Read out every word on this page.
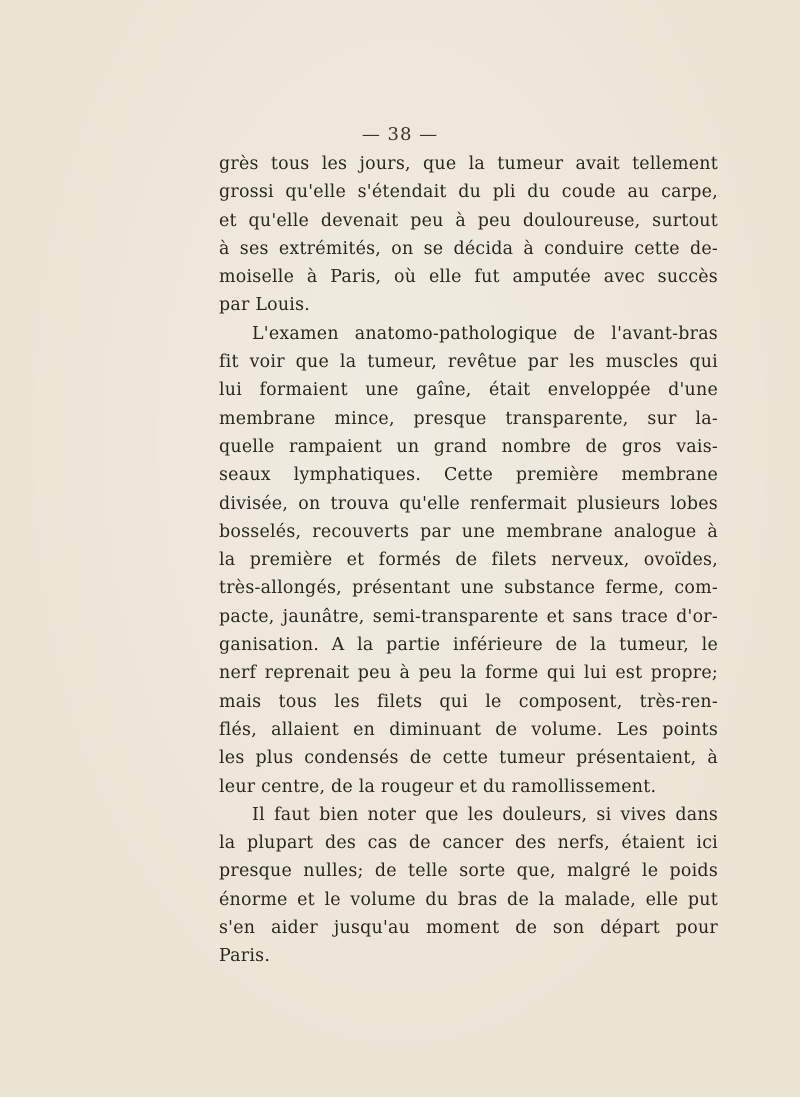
— 38 —
grès tous les jours, que la tumeur avait tellement
grossi qu'elle s'étendait du pli du coude au carpe,
et qu'elle devenait peu à peu douloureuse, surtout
à ses extrémités, on se décida à conduire cette de-
moiselle à Paris, où elle fut amputée avec succès
par Louis.
L'examen anatomo-pathologique de l'avant-bras
fit voir que la tumeur, revêtue par les muscles qui
lui formaient une gaîne, était enveloppée d'une
membrane mince, presque transparente, sur la-
quelle rampaient un grand nombre de gros vais-
seaux lymphatiques. Cette première membrane
divisée, on trouva qu'elle renfermait plusieurs lobes
bosselés, recouverts par une membrane analogue à
la première et formés de filets nerveux, ovoïdes,
très-allongés, présentant une substance ferme, com-
pacte, jaunâtre, semi-transparente et sans trace d'or-
ganisation. A la partie inférieure de la tumeur, le
nerf reprenait peu à peu la forme qui lui est propre;
mais tous les filets qui le composent, très-ren-
flés, allaient en diminuant de volume. Les points
les plus condensés de cette tumeur présentaient, à
leur centre, de la rougeur et du ramollissement.
Il faut bien noter que les douleurs, si vives dans
la plupart des cas de cancer des nerfs, étaient ici
presque nulles; de telle sorte que, malgré le poids
énorme et le volume du bras de la malade, elle put
s'en aider jusqu'au moment de son départ pour
Paris.
